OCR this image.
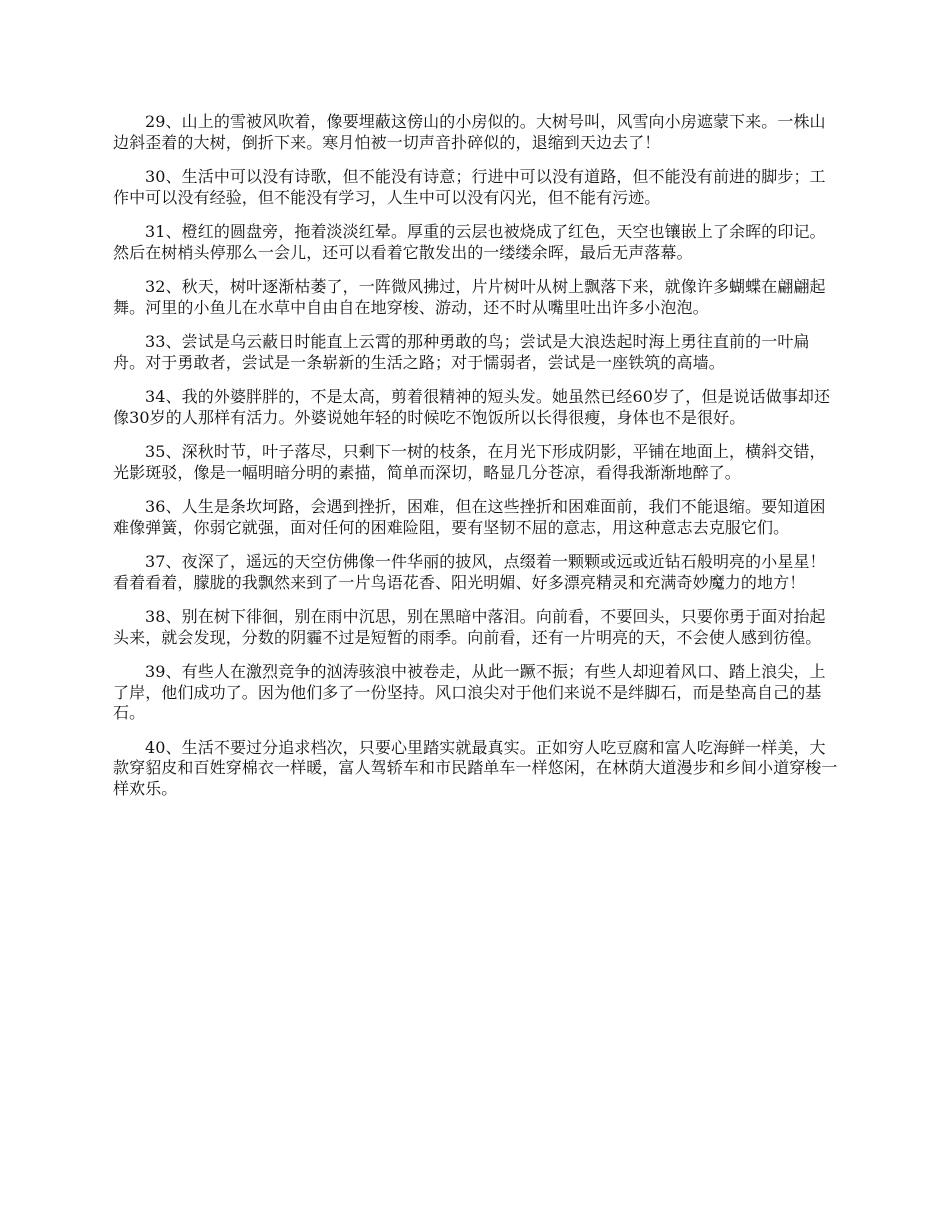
29、山上的雪被风吹着，像要埋蔽这傍山的小房似的。大树号叫，风雪向小房遮蒙下来。一株山边斜歪着的大树，倒折下来。寒月怕被一切声音扑碎似的，退缩到天边去了！

30、生活中可以没有诗歌，但不能没有诗意；行进中可以没有道路，但不能没有前进的脚步；工作中可以没有经验，但不能没有学习，人生中可以没有闪光，但不能有污迹。

31、橙红的圆盘旁，拖着淡淡红晕。厚重的云层也被烧成了红色，天空也镶嵌上了余晖的印记。然后在树梢头停那么一会儿，还可以看着它散发出的一缕缕余晖，最后无声落幕。

32、秋天，树叶逐渐枯萎了，一阵微风拂过，片片树叶从树上飘落下来，就像许多蝴蝶在翩翩起舞。河里的小鱼儿在水草中自由自在地穿梭、游动，还不时从嘴里吐出许多小泡泡。

33、尝试是乌云蔽日时能直上云霄的那种勇敢的鸟；尝试是大浪迭起时海上勇往直前的一叶扁舟。对于勇敢者，尝试是一条崭新的生活之路；对于懦弱者，尝试是一座铁筑的高墙。

34、我的外婆胖胖的，不是太高，剪着很精神的短头发。她虽然已经60岁了，但是说话做事却还像30岁的人那样有活力。外婆说她年轻的时候吃不饱饭所以长得很瘦，身体也不是很好。

35、深秋时节，叶子落尽，只剩下一树的枝条，在月光下形成阴影，平铺在地面上，横斜交错，光影斑驳，像是一幅明暗分明的素描，简单而深切，略显几分苍凉，看得我渐渐地醉了。

36、人生是条坎坷路，会遇到挫折，困难，但在这些挫折和困难面前，我们不能退缩。要知道困难像弹簧，你弱它就强，面对任何的困难险阻，要有坚韧不屈的意志，用这种意志去克服它们。

37、夜深了，遥远的天空仿佛像一件华丽的披风，点缀着一颗颗或远或近钻石般明亮的小星星！看着看着，朦胧的我飘然来到了一片鸟语花香、阳光明媚、好多漂亮精灵和充满奇妙魔力的地方！

38、别在树下徘徊，别在雨中沉思，别在黑暗中落泪。向前看，不要回头，只要你勇于面对抬起头来，就会发现，分数的阴霾不过是短暂的雨季。向前看，还有一片明亮的天，不会使人感到彷徨。

39、有些人在激烈竞争的汹涛骇浪中被卷走，从此一蹶不振；有些人却迎着风口、踏上浪尖，上了岸，他们成功了。因为他们多了一份坚持。风口浪尖对于他们来说不是绊脚石，而是垫高自己的基石。

40、生活不要过分追求档次，只要心里踏实就最真实。正如穷人吃豆腐和富人吃海鲜一样美，大款穿貂皮和百姓穿棉衣一样暖，富人驾轿车和市民踏单车一样悠闲，在林荫大道漫步和乡间小道穿梭一样欢乐。
